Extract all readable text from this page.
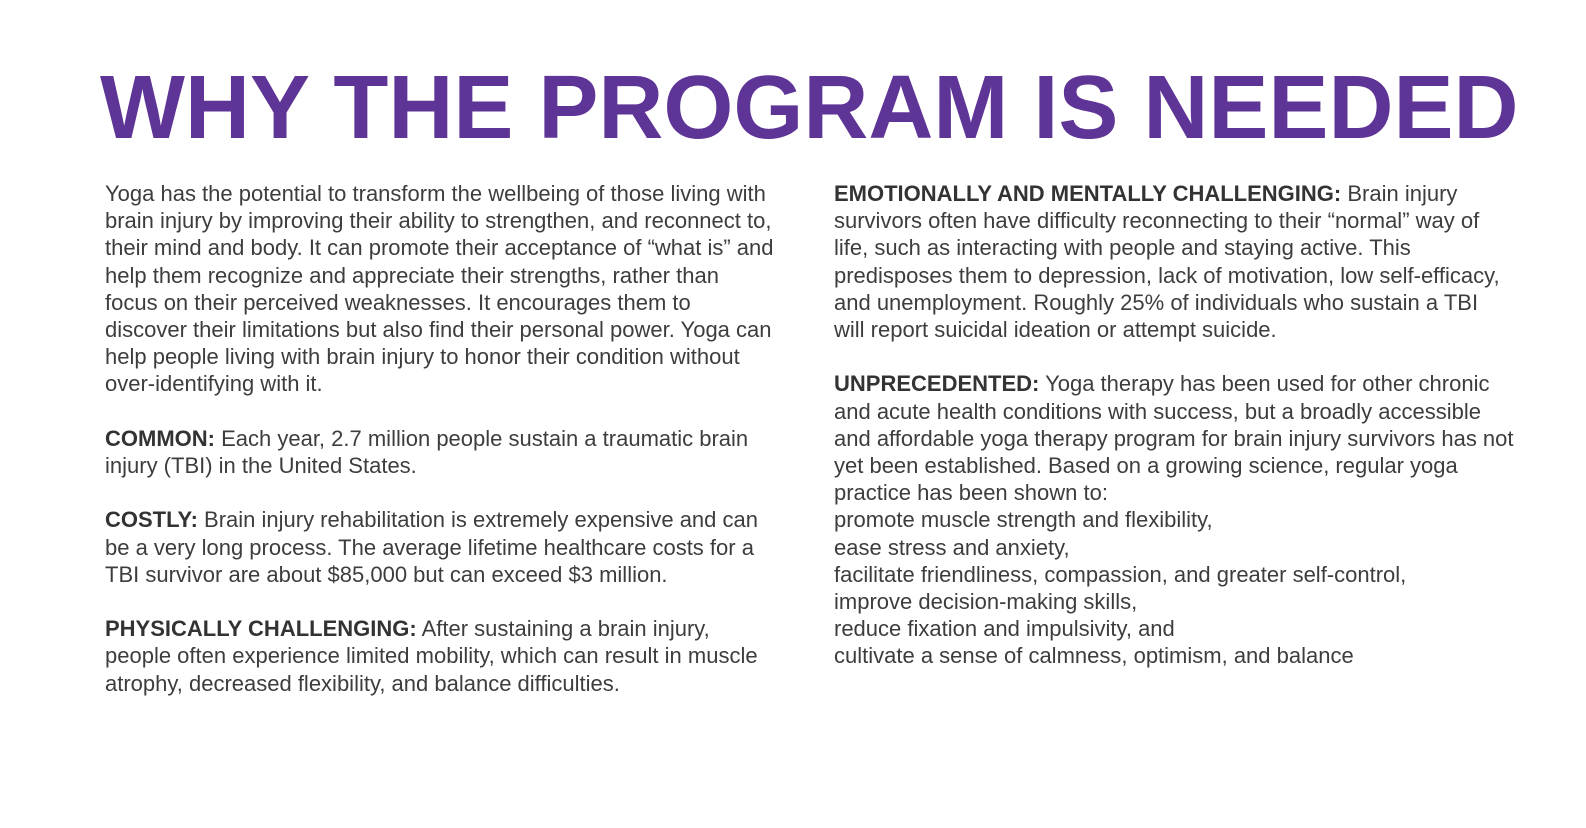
WHY THE PROGRAM IS NEEDED

Yoga has the potential to transform the wellbeing of those living with brain injury by improving their ability to strengthen, and reconnect to, their mind and body. It can promote their acceptance of “what is” and help them recognize and appreciate their strengths, rather than focus on their perceived weaknesses. It encourages them to discover their limitations but also find their personal power. Yoga can help people living with brain injury to honor their condition without over-identifying with it.

COMMON: Each year, 2.7 million people sustain a traumatic brain injury (TBI) in the United States.

COSTLY: Brain injury rehabilitation is extremely expensive and can be a very long process. The average lifetime healthcare costs for a TBI survivor are about $85,000 but can exceed $3 million.

PHYSICALLY CHALLENGING: After sustaining a brain injury, people often experience limited mobility, which can result in muscle atrophy, decreased flexibility, and balance difficulties.

EMOTIONALLY AND MENTALLY CHALLENGING: Brain injury survivors often have difficulty reconnecting to their “normal” way of life, such as interacting with people and staying active. This predisposes them to depression, lack of motivation, low self-efficacy, and unemployment. Roughly 25% of individuals who sustain a TBI will report suicidal ideation or attempt suicide.

UNPRECEDENTED: Yoga therapy has been used for other chronic and acute health conditions with success, but a broadly accessible and affordable yoga therapy program for brain injury survivors has not yet been established. Based on a growing science, regular yoga practice has been shown to:
promote muscle strength and flexibility,
ease stress and anxiety,
facilitate friendliness, compassion, and greater self-control,
improve decision-making skills,
reduce fixation and impulsivity, and
cultivate a sense of calmness, optimism, and balance
